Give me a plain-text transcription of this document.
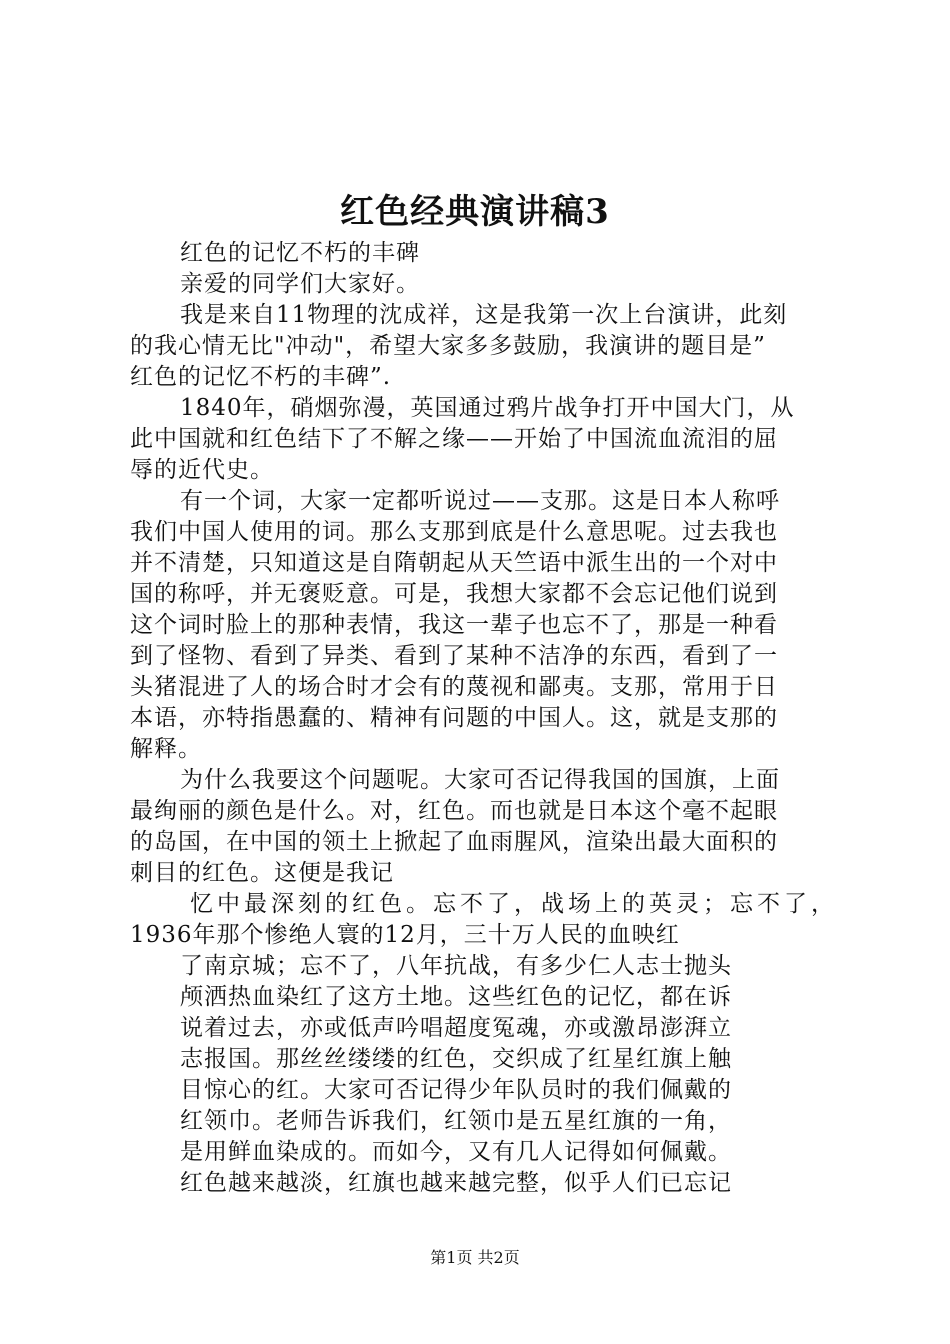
红色经典演讲稿3
红色的记忆不朽的丰碑
亲爱的同学们大家好。
我是来自11物理的沈成祥，这是我第一次上台演讲，此刻
的我心情无比"冲动"，希望大家多多鼓励，我演讲的题目是”
红色的记忆不朽的丰碑”.
1840年，硝烟弥漫，英国通过鸦片战争打开中国大门，从
此中国就和红色结下了不解之缘——开始了中国流血流泪的屈
辱的近代史。
有一个词，大家一定都听说过——支那。这是日本人称呼
我们中国人使用的词。那么支那到底是什么意思呢。过去我也
并不清楚，只知道这是自隋朝起从天竺语中派生出的一个对中
国的称呼，并无褒贬意。可是，我想大家都不会忘记他们说到
这个词时脸上的那种表情，我这一辈子也忘不了，那是一种看
到了怪物、看到了异类、看到了某种不洁净的东西，看到了一
头猪混进了人的场合时才会有的蔑视和鄙夷。支那，常用于日
本语，亦特指愚蠢的、精神有问题的中国人。这，就是支那的
解释。
为什么我要这个问题呢。大家可否记得我国的国旗，上面
最绚丽的颜色是什么。对，红色。而也就是日本这个毫不起眼
的岛国，在中国的领土上掀起了血雨腥风，渲染出最大面积的
刺目的红色。这便是我记
忆中最深刻的红色。忘不了，战场上的英灵；忘不了，
1936年那个惨绝人寰的12月，三十万人民的血映红
了南京城；忘不了，八年抗战，有多少仁人志士抛头
颅洒热血染红了这方土地。这些红色的记忆，都在诉
说着过去，亦或低声吟唱超度冤魂，亦或激昂澎湃立
志报国。那丝丝缕缕的红色，交织成了红星红旗上触
目惊心的红。大家可否记得少年队员时的我们佩戴的
红领巾。老师告诉我们，红领巾是五星红旗的一角，
是用鲜血染成的。而如今，又有几人记得如何佩戴。
红色越来越淡，红旗也越来越完整，似乎人们已忘记
第1页 共2页
